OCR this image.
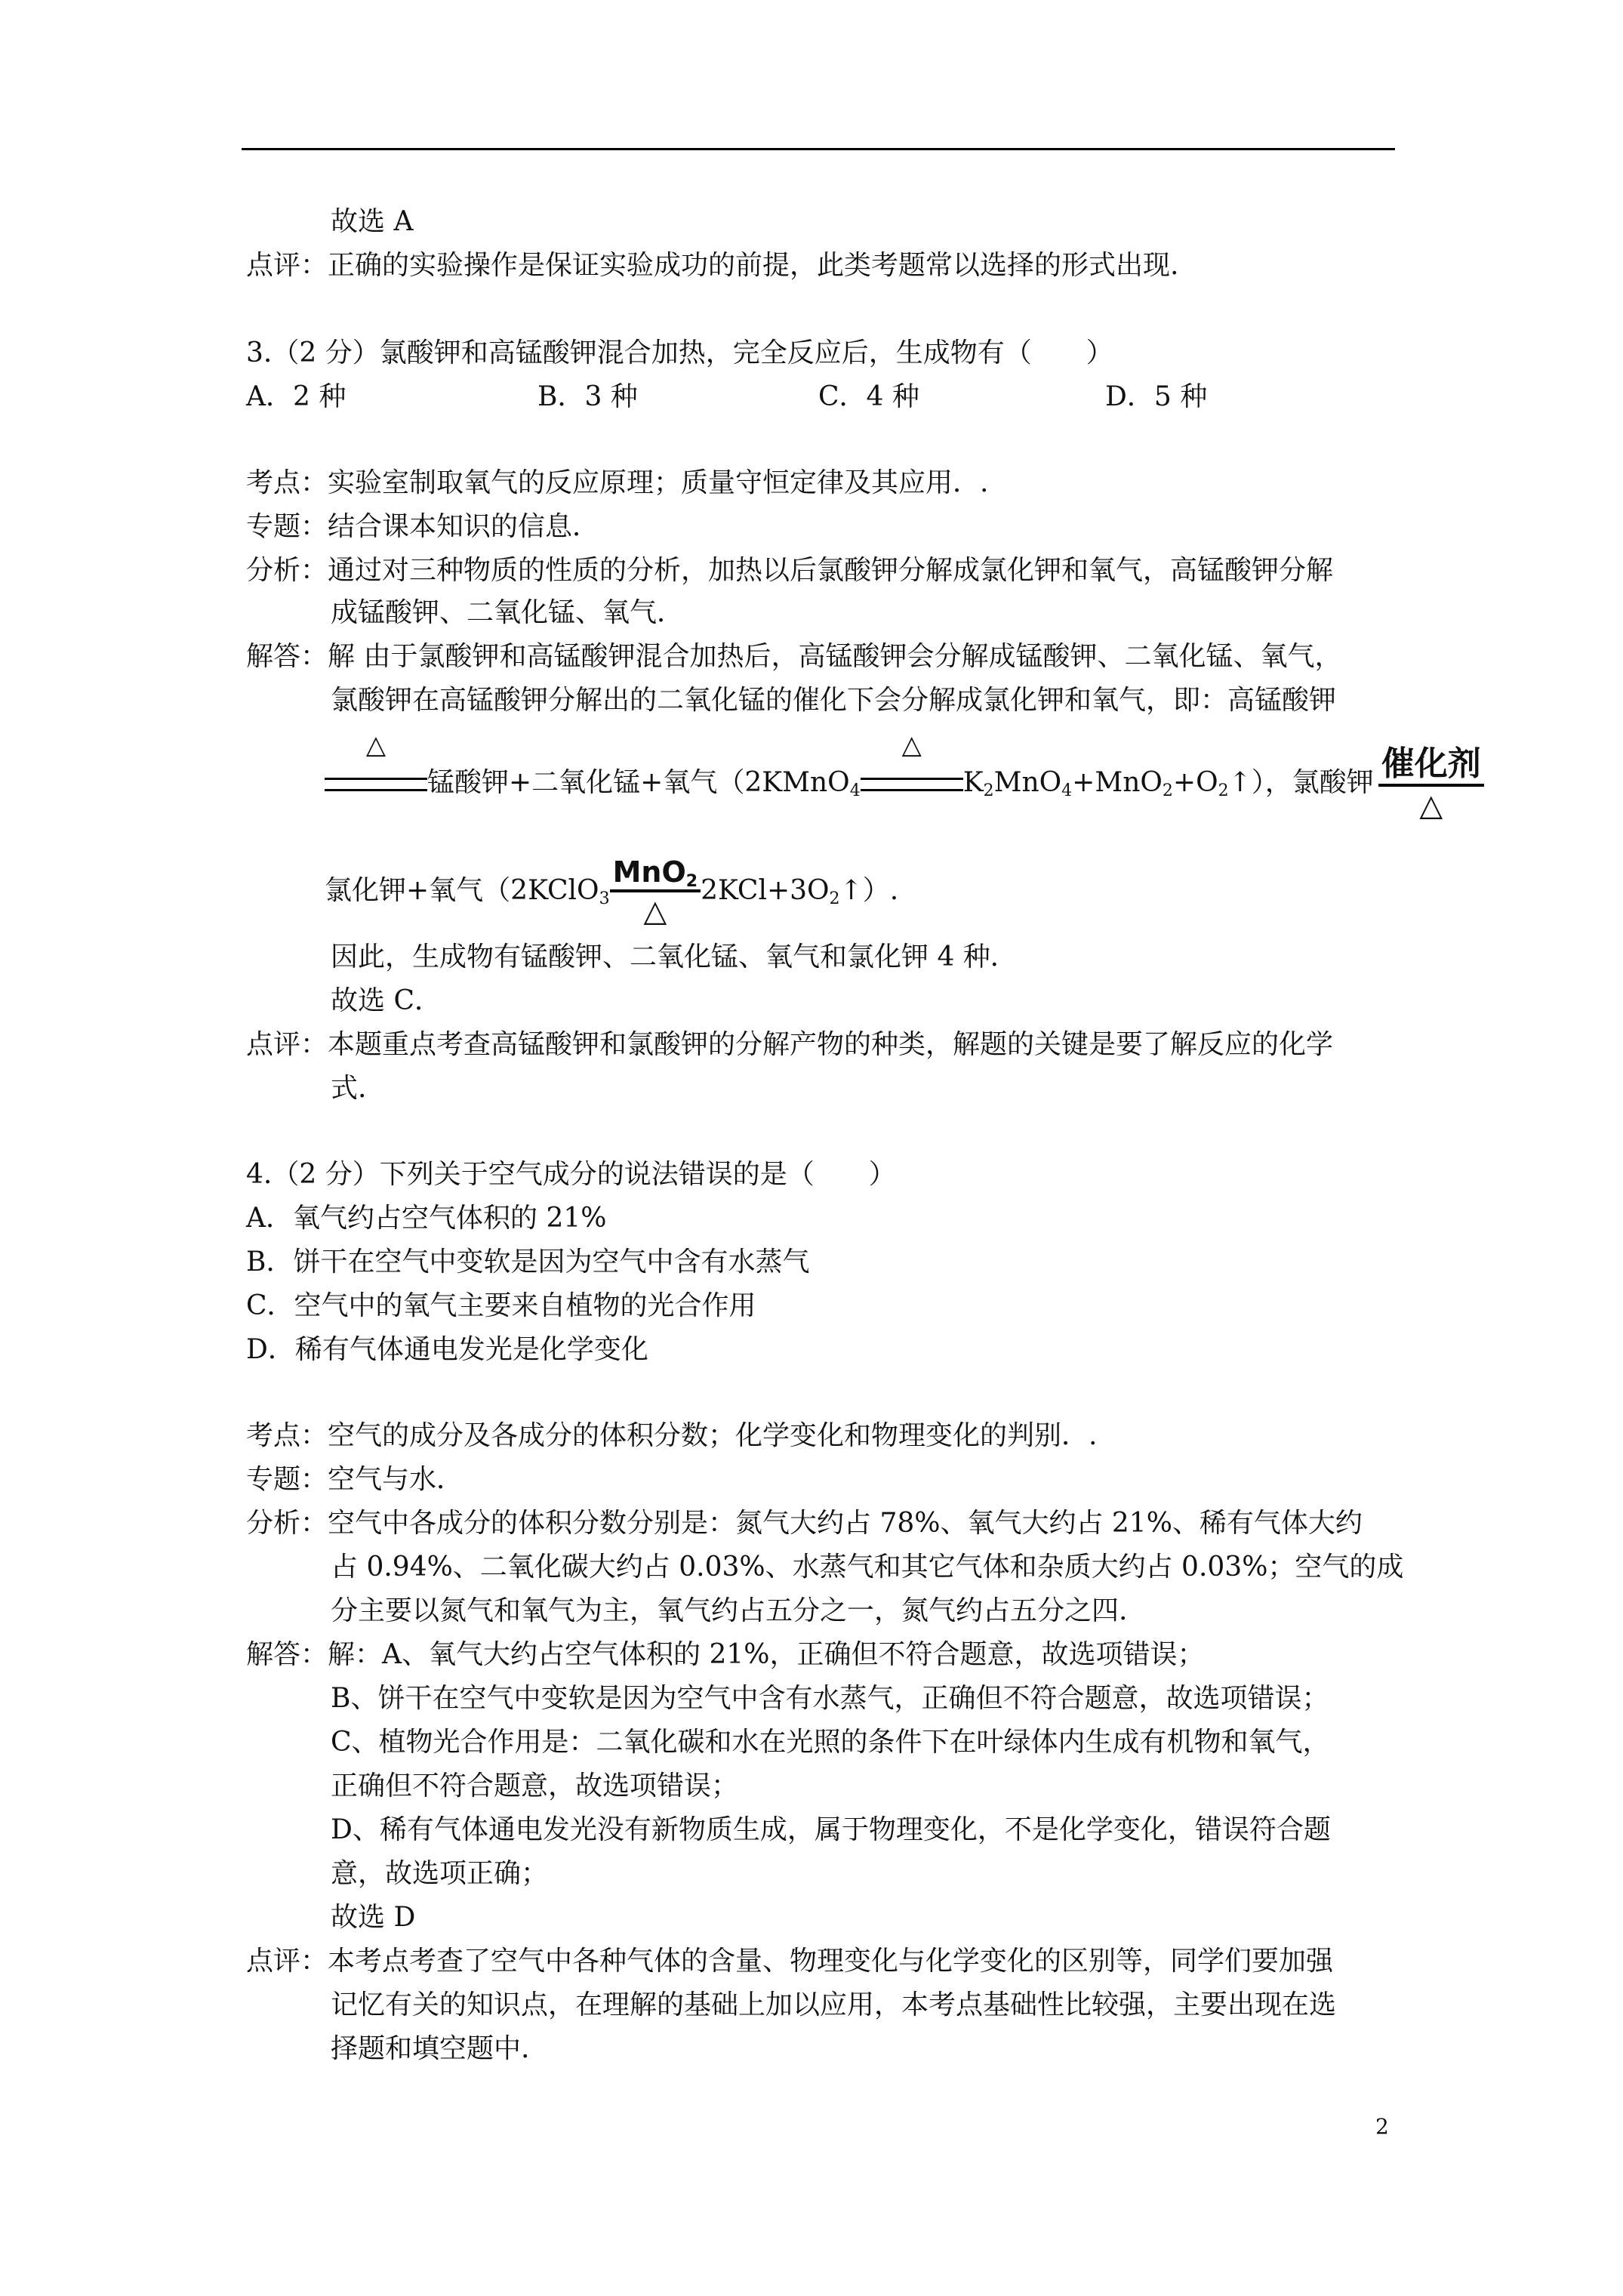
故选 A
点评：正确的实验操作是保证实验成功的前提，此类考题常以选择的形式出现.
3.（2 分）氯酸钾和高锰酸钾混合加热，完全反应后，生成物有（　　）
A．2 种	B．3 种	C．4 种	D．5 种
考点：实验室制取氧气的反应原理；质量守恒定律及其应用．.
专题：结合课本知识的信息．
分析：通过对三种物质的性质的分析，加热以后氯酸钾分解成氯化钾和氧气，高锰酸钾分解
成锰酸钾、二氧化锰、氧气．
解答：解 由于氯酸钾和高锰酸钾混合加热后，高锰酸钾会分解成锰酸钾、二氧化锰、氧气，
氯酸钾在高锰酸钾分解出的二氧化锰的催化下会分解成氯化钾和氧气，即：高锰酸钾
△
锰酸钾+二氧化锰+氧气（2KMnO$_4$
△
$K_2MnO_4+MnO_2+O_2↑$），氯酸钾 $\frac{\text{催化剂}}{\triangle}$
氯化钾+氧气（2KClO$_3$ $\frac{MnO_2}{\triangle}$ $2KCl+3O_2↑$）.
因此，生成物有锰酸钾、二氧化锰、氧气和氯化钾 4 种．
故选 C．
点评：本题重点考查高锰酸钾和氯酸钾的分解产物的种类，解题的关键是要了解反应的化学
式.
4.（2 分）下列关于空气成分的说法错误的是（　　）
A．氧气约占空气体积的 21%
B．饼干在空气中变软是因为空气中含有水蒸气
C．空气中的氧气主要来自植物的光合作用
D．稀有气体通电发光是化学变化
考点：空气的成分及各成分的体积分数；化学变化和物理变化的判别．.
专题：空气与水．
分析：空气中各成分的体积分数分别是：氮气大约占 78%、氧气大约占 21%、稀有气体大约
占 0.94%、二氧化碳大约占 0.03%、水蒸气和其它气体和杂质大约占 0.03%；空气的成
分主要以氮气和氧气为主，氧气约占五分之一，氮气约占五分之四.
解答：解：A、氧气大约占空气体积的 21%，正确但不符合题意，故选项错误；
B、饼干在空气中变软是因为空气中含有水蒸气，正确但不符合题意，故选项错误；
C、植物光合作用是：二氧化碳和水在光照的条件下在叶绿体内生成有机物和氧气，
正确但不符合题意，故选项错误；
D、稀有气体通电发光没有新物质生成，属于物理变化，不是化学变化，错误符合题
意，故选项正确；
故选 D
点评：本考点考查了空气中各种气体的含量、物理变化与化学变化的区别等，同学们要加强
记忆有关的知识点，在理解的基础上加以应用，本考点基础性比较强，主要出现在选
择题和填空题中.
2
